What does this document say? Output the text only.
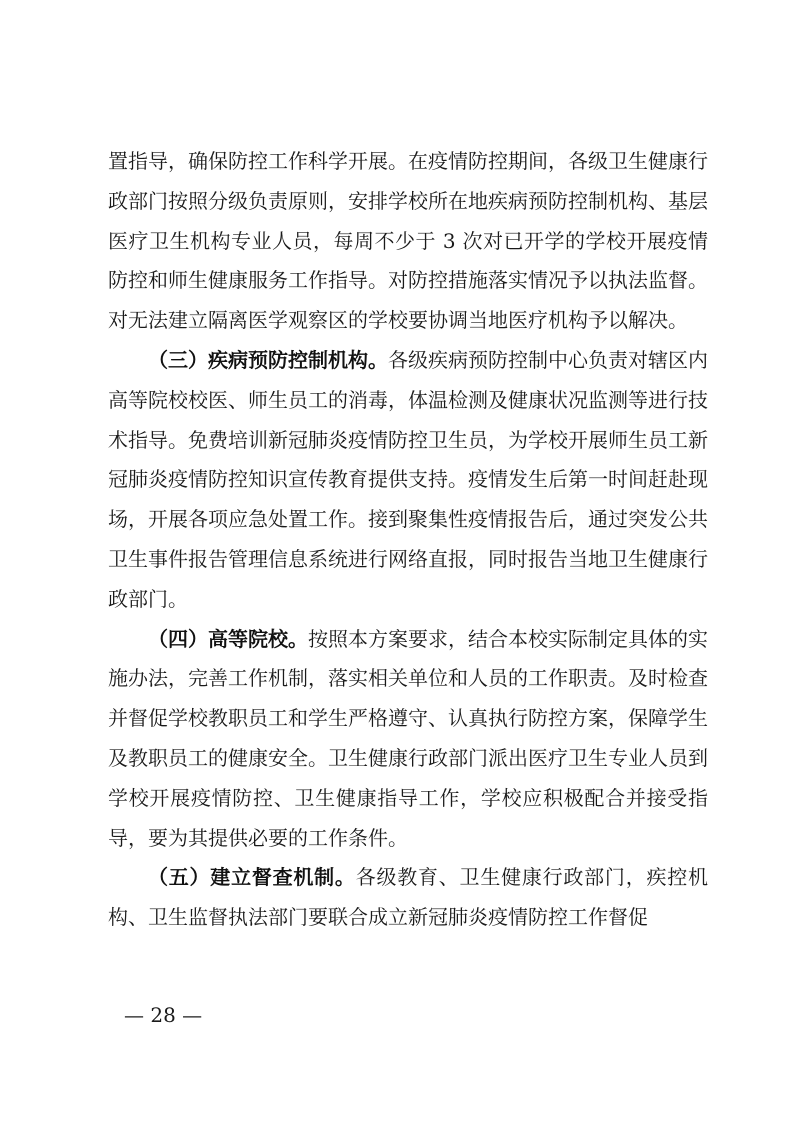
置指导，确保防控工作科学开展。在疫情防控期间，各级卫生健康行政部门按照分级负责原则，安排学校所在地疾病预防控制机构、基层医疗卫生机构专业人员，每周不少于 3 次对已开学的学校开展疫情防控和师生健康服务工作指导。对防控措施落实情况予以执法监督。对无法建立隔离医学观察区的学校要协调当地医疗机构予以解决。

（三）疾病预防控制机构。各级疾病预防控制中心负责对辖区内高等院校校医、师生员工的消毒，体温检测及健康状况监测等进行技术指导。免费培训新冠肺炎疫情防控卫生员，为学校开展师生员工新冠肺炎疫情防控知识宣传教育提供支持。疫情发生后第一时间赶赴现场，开展各项应急处置工作。接到聚集性疫情报告后，通过突发公共卫生事件报告管理信息系统进行网络直报，同时报告当地卫生健康行政部门。

（四）高等院校。按照本方案要求，结合本校实际制定具体的实施办法，完善工作机制，落实相关单位和人员的工作职责。及时检查并督促学校教职员工和学生严格遵守、认真执行防控方案，保障学生及教职员工的健康安全。卫生健康行政部门派出医疗卫生专业人员到学校开展疫情防控、卫生健康指导工作，学校应积极配合并接受指导，要为其提供必要的工作条件。

（五）建立督查机制。各级教育、卫生健康行政部门，疾控机构、卫生监督执法部门要联合成立新冠肺炎疫情防控工作督促

— 28 —
